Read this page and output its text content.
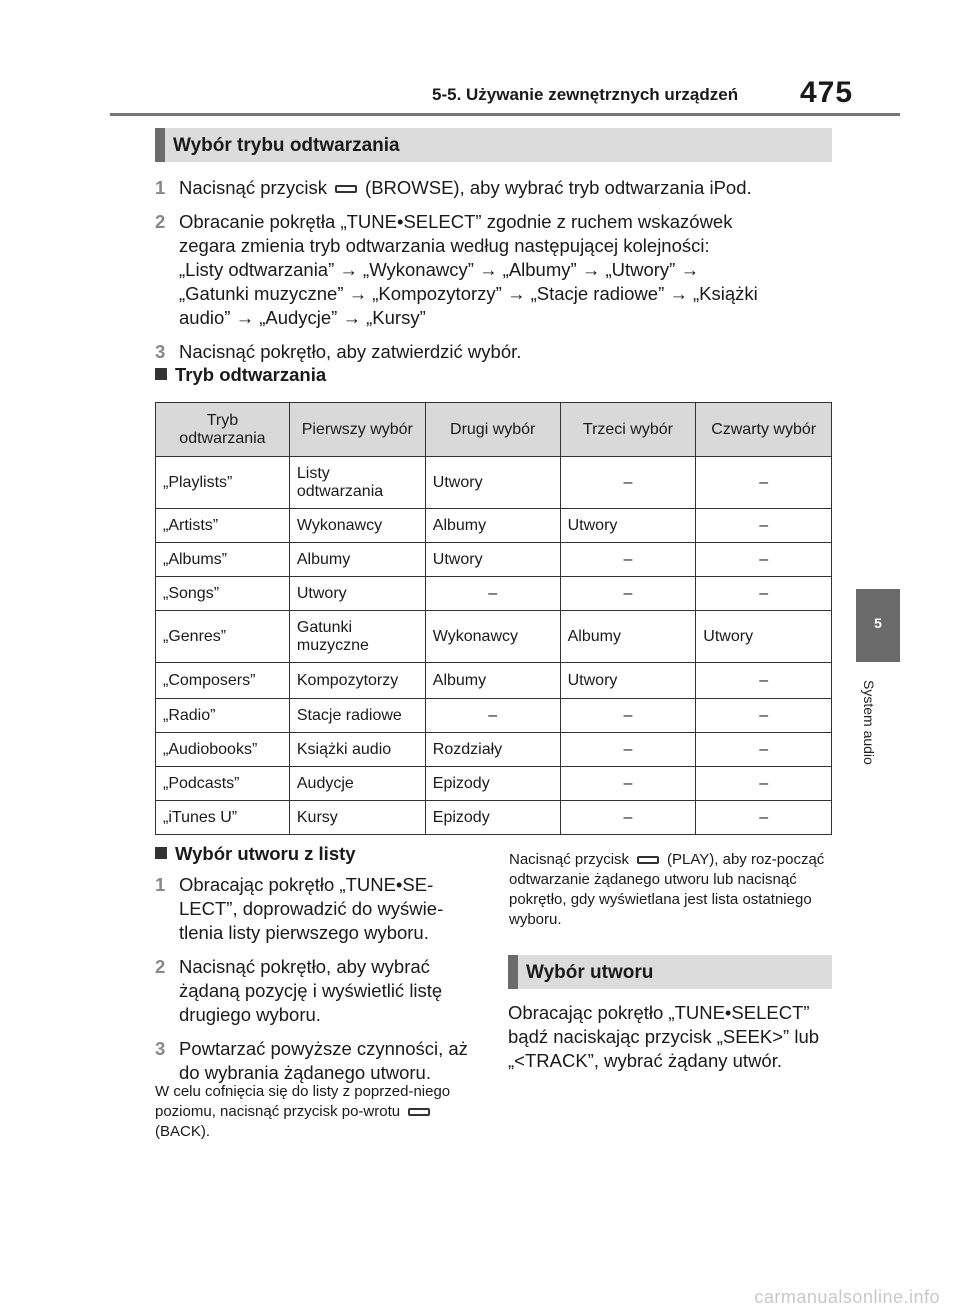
5-5. Używanie zewnętrznych urządzeń 475
Wybór trybu odtwarzania
1 Nacisnąć przycisk (BROWSE), aby wybrać tryb odtwarzania iPod.
2 Obracanie pokrętła „TUNE•SELECT” zgodnie z ruchem wskazówek
zegara zmienia tryb odtwarzania według następującej kolejności:
„Listy odtwarzania” → „Wykonawcy” → „Albumy” → „Utwory” →
„Gatunki muzyczne” → „Kompozytorzy” → „Stacje radiowe” → „Książki
audio” → „Audycje” → „Kursy”
3 Nacisnąć pokrętło, aby zatwierdzić wybór.
Tryb odtwarzania
Tryb odtwarzania	Pierwszy wybór	Drugi wybór	Trzeci wybór	Czwarty wybór
„Playlists”	Listy odtwarzania	Utwory	–	–
„Artists”	Wykonawcy	Albumy	Utwory	–
„Albums”	Albumy	Utwory	–	–
„Songs”	Utwory	–	–	–
„Genres”	Gatunki muzyczne	Wykonawcy	Albumy	Utwory
„Composers”	Kompozytorzy	Albumy	Utwory	–
„Radio”	Stacje radiowe	–	–	–
„Audiobooks”	Książki audio	Rozdziały	–	–
„Podcasts”	Audycje	Epizody	–	–
„iTunes U”	Kursy	Epizody	–	–
Wybór utworu z listy
1 Obracając pokrętło „TUNE•SE-LECT”, doprowadzić do wyświe-tlenia listy pierwszego wyboru.
2 Nacisnąć pokrętło, aby wybrać żądaną pozycję i wyświetlić listę drugiego wyboru.
3 Powtarzać powyższe czynności, aż do wybrania żądanego utworu.
W celu cofnięcia się do listy z poprzed-niego poziomu, nacisnąć przycisk po-wrotu(BACK).
Nacisnąć przycisk	(PLAY), aby roz-począć odtwarzanie żądanego utworu lub nacisnąć pokrętło, gdy wyświetlana jest lista ostatniego wyboru.
Wybór utworu
Obracając pokrętło „TUNE•SELECT” bądź naciskając przycisk „SEEK>” lub „<TRACK”, wybrać żądany utwór.
5
System audio
carmanualsonline.info
